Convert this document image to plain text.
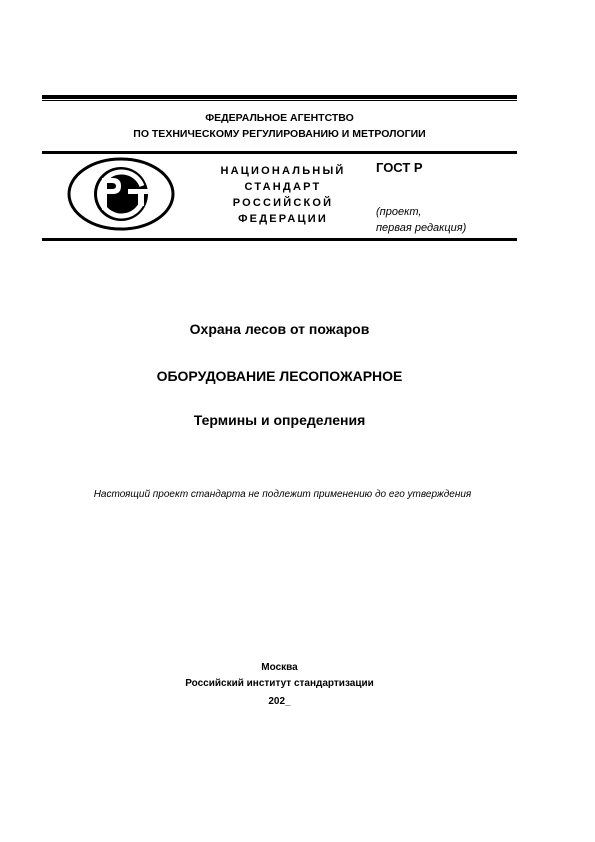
ФЕДЕРАЛЬНОЕ АГЕНТСТВО
ПО ТЕХНИЧЕСКОМУ РЕГУЛИРОВАНИЮ И МЕТРОЛОГИИ
НАЦИОНАЛЬНЫЙ
СТАНДАРТ
РОССИЙСКОЙ
ФЕДЕРАЦИИ
ГОСТ Р
(проект,
первая редакция)
Охрана лесов от пожаров
ОБОРУДОВАНИЕ ЛЕСОПОЖАРНОЕ
Термины и определения
Настоящий проект стандарта не подлежит применению до его утверждения
Москва
Российский институт стандартизации
202_
